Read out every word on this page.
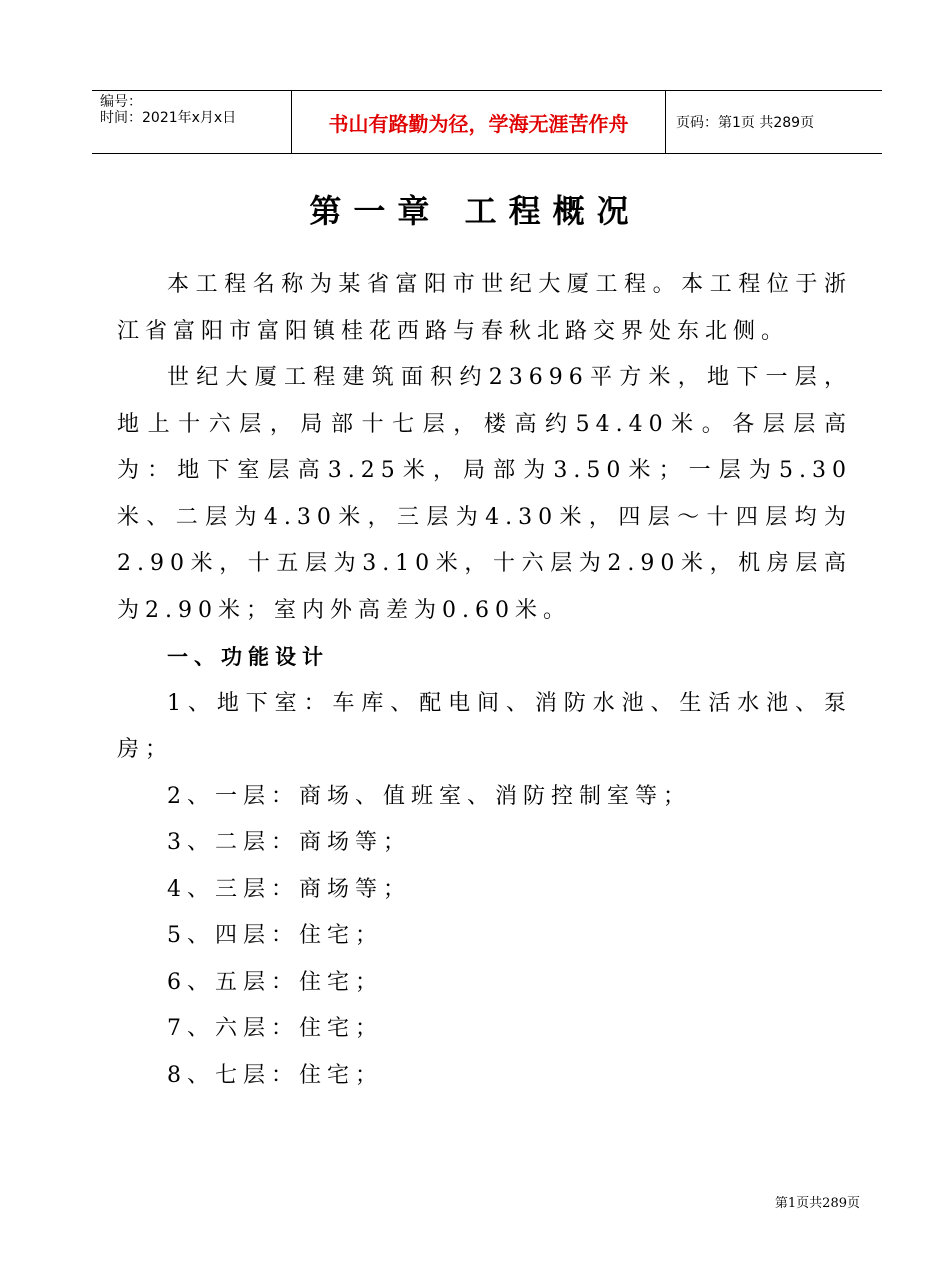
编号：
时间：2021年x月x日	书山有路勤为径，学海无涯苦作舟	页码：第1页 共289页
第一章 工程概况

本工程名称为某省富阳市世纪大厦工程。本工程位于浙江省富阳市富阳镇桂花西路与春秋北路交界处东北侧。

世纪大厦工程建筑面积约23696平方米，地下一层，地上十六层，局部十七层，楼高约54.40米。各层层高为：地下室层高3.25米，局部为3.50米；一层为5.30米、二层为4.30米，三层为4.30米，四层～十四层均为2.90米，十五层为3.10米，十六层为2.90米，机房层高为2.90米；室内外高差为0.60米。

一、功能设计

1、地下室：车库、配电间、消防水池、生活水池、泵房；

2、一层：商场、值班室、消防控制室等；

3、二层：商场等；

4、三层：商场等；

5、四层：住宅；

6、五层：住宅；

7、六层：住宅；

8、七层：住宅；

第1页共289页
